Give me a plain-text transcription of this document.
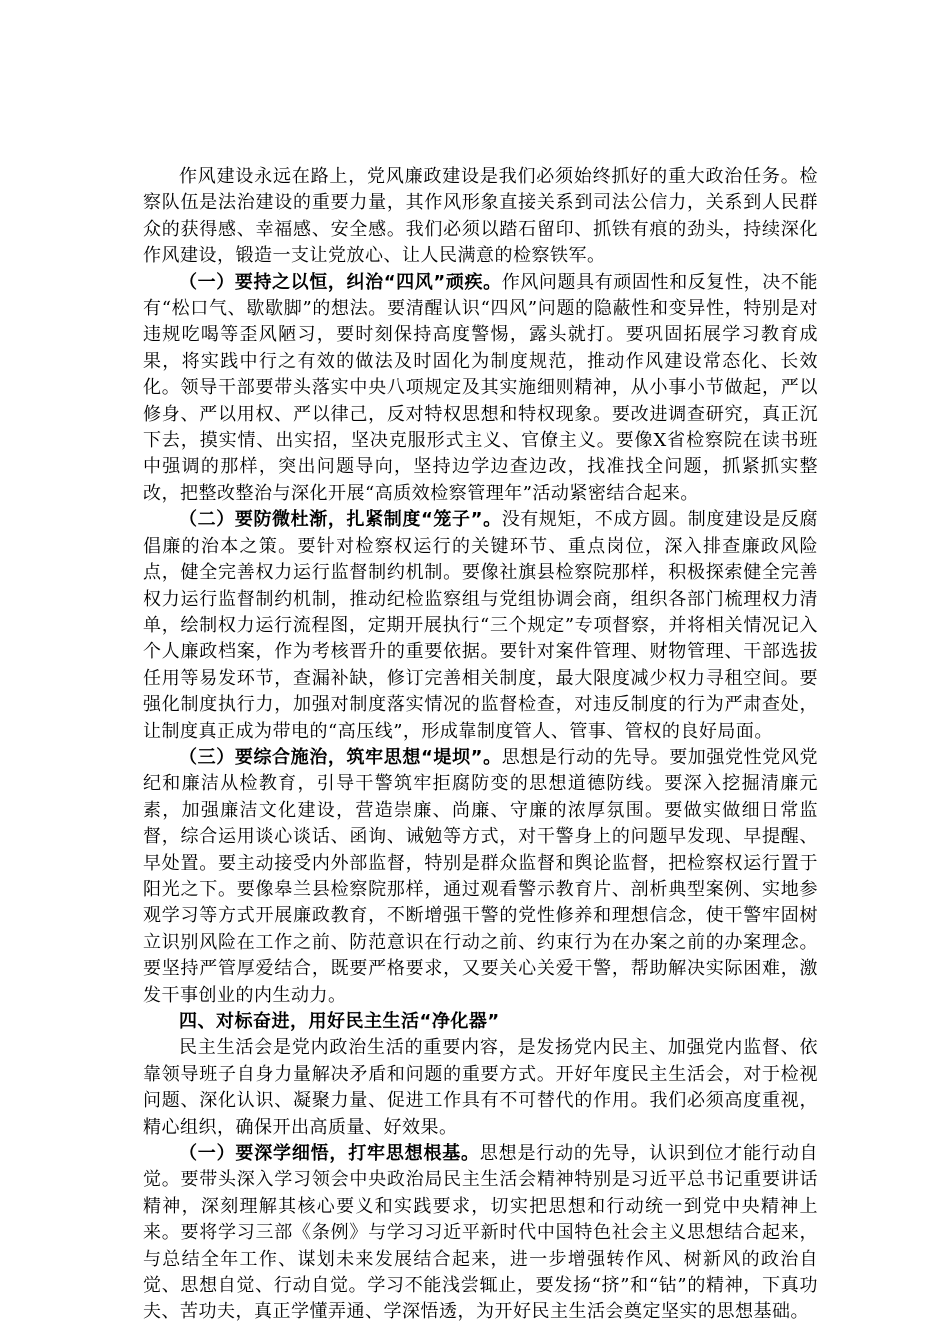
作风建设永远在路上，党风廉政建设是我们必须始终抓好的重大政治任务。检察队伍是法治建设的重要力量，其作风形象直接关系到司法公信力，关系到人民群众的获得感、幸福感、安全感。我们必须以踏石留印、抓铁有痕的劲头，持续深化作风建设，锻造一支让党放心、让人民满意的检察铁军。

（一）要持之以恒，纠治“四风”顽疾。作风问题具有顽固性和反复性，决不能有“松口气、歇歇脚”的想法。要清醒认识“四风”问题的隐蔽性和变异性，特别是对违规吃喝等歪风陋习，要时刻保持高度警惕，露头就打。要巩固拓展学习教育成果，将实践中行之有效的做法及时固化为制度规范，推动作风建设常态化、长效化。领导干部要带头落实中央八项规定及其实施细则精神，从小事小节做起，严以修身、严以用权、严以律己，反对特权思想和特权现象。要改进调查研究，真正沉下去，摸实情、出实招，坚决克服形式主义、官僚主义。要像X省检察院在读书班中强调的那样，突出问题导向，坚持边学边查边改，找准找全问题，抓紧抓实整改，把整改整治与深化开展“高质效检察管理年”活动紧密结合起来。

（二）要防微杜渐，扎紧制度“笼子”。没有规矩，不成方圆。制度建设是反腐倡廉的治本之策。要针对检察权运行的关键环节、重点岗位，深入排查廉政风险点，健全完善权力运行监督制约机制。要像社旗县检察院那样，积极探索健全完善权力运行监督制约机制，推动纪检监察组与党组协调会商，组织各部门梳理权力清单，绘制权力运行流程图，定期开展执行“三个规定”专项督察，并将相关情况记入个人廉政档案，作为考核晋升的重要依据。要针对案件管理、财物管理、干部选拔任用等易发环节，查漏补缺，修订完善相关制度，最大限度减少权力寻租空间。要强化制度执行力，加强对制度落实情况的监督检查，对违反制度的行为严肃查处，让制度真正成为带电的“高压线”，形成靠制度管人、管事、管权的良好局面。

（三）要综合施治，筑牢思想“堤坝”。思想是行动的先导。要加强党性党风党纪和廉洁从检教育，引导干警筑牢拒腐防变的思想道德防线。要深入挖掘清廉元素，加强廉洁文化建设，营造崇廉、尚廉、守廉的浓厚氛围。要做实做细日常监督，综合运用谈心谈话、函询、诫勉等方式，对干警身上的问题早发现、早提醒、早处置。要主动接受内外部监督，特别是群众监督和舆论监督，把检察权运行置于阳光之下。要像皋兰县检察院那样，通过观看警示教育片、剖析典型案例、实地参观学习等方式开展廉政教育，不断增强干警的党性修养和理想信念，使干警牢固树立识别风险在工作之前、防范意识在行动之前、约束行为在办案之前的办案理念。要坚持严管厚爱结合，既要严格要求，又要关心关爱干警，帮助解决实际困难，激发干事创业的内生动力。

四、对标奋进，用好民主生活“净化器”

民主生活会是党内政治生活的重要内容，是发扬党内民主、加强党内监督、依靠领导班子自身力量解决矛盾和问题的重要方式。开好年度民主生活会，对于检视问题、深化认识、凝聚力量、促进工作具有不可替代的作用。我们必须高度重视，精心组织，确保开出高质量、好效果。

（一）要深学细悟，打牢思想根基。思想是行动的先导，认识到位才能行动自觉。要带头深入学习领会中央政治局民主生活会精神特别是习近平总书记重要讲话精神，深刻理解其核心要义和实践要求，切实把思想和行动统一到党中央精神上来。要将学习三部《条例》与学习习近平新时代中国特色社会主义思想结合起来，与总结全年工作、谋划未来发展结合起来，进一步增强转作风、树新风的政治自觉、思想自觉、行动自觉。学习不能浅尝辄止，要发扬“挤”和“钻”的精神，下真功夫、苦功夫，真正学懂弄通、学深悟透，为开好民主生活会奠定坚实的思想基础。
